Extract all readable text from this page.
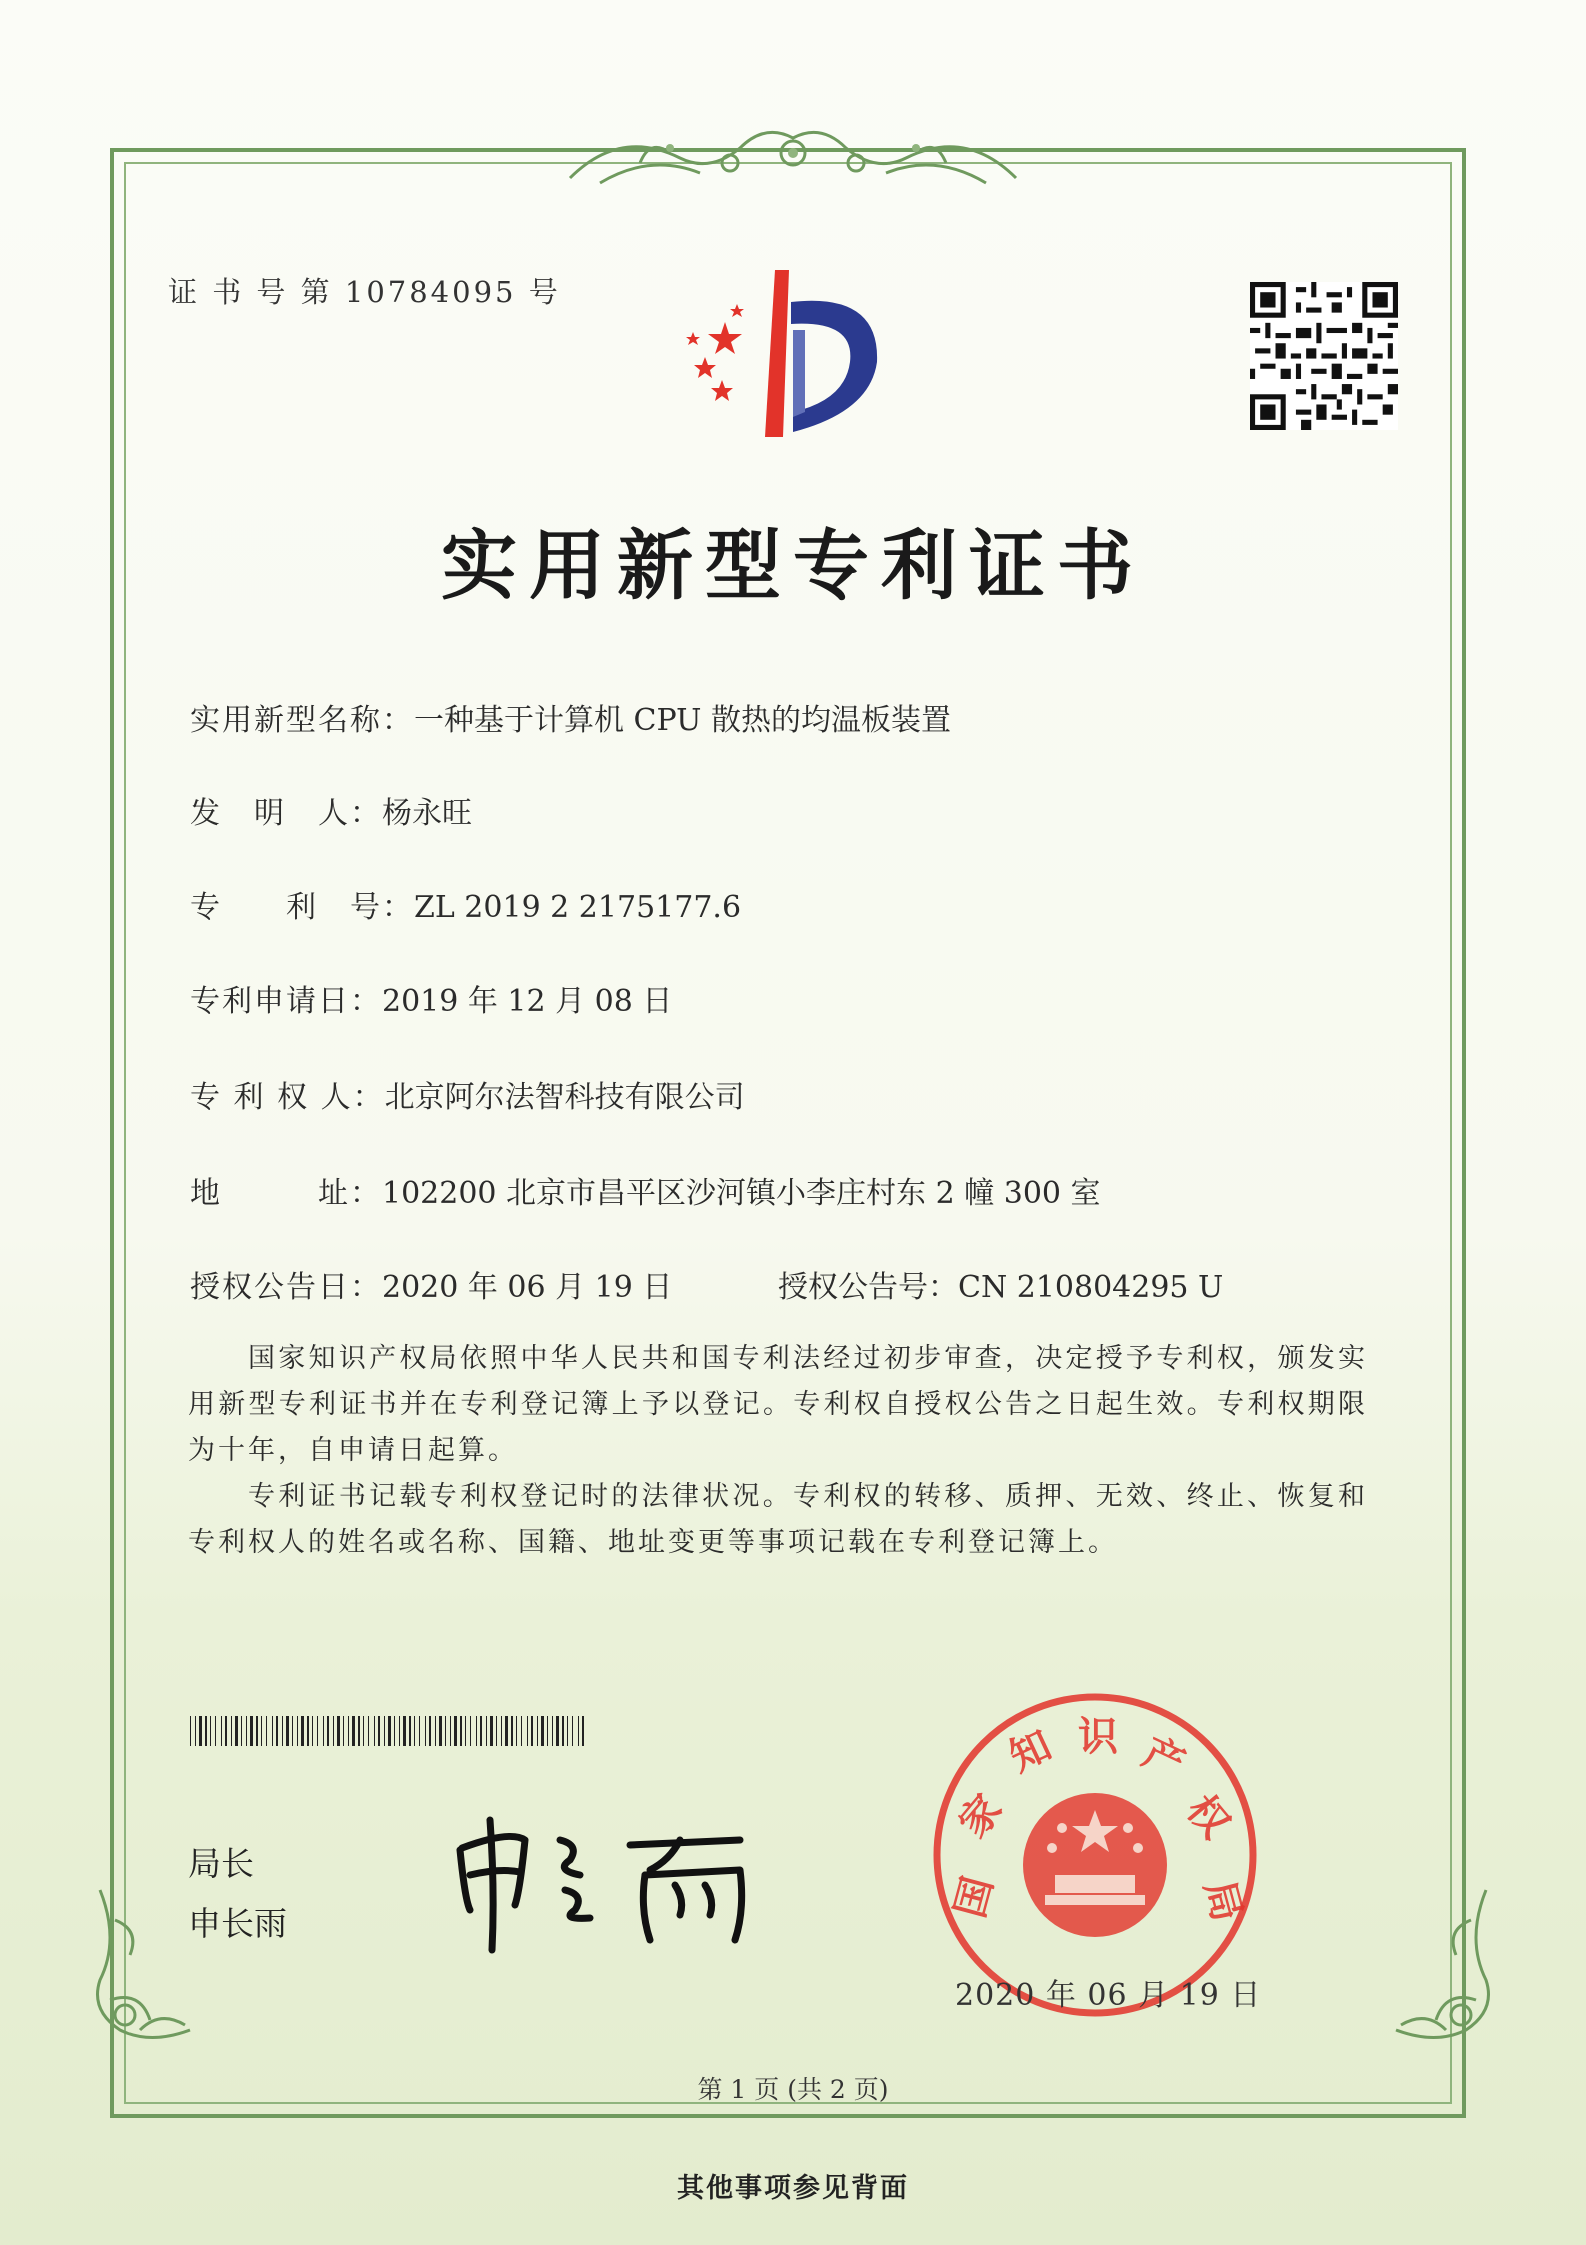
证 书 号 第 10784095 号
实用新型专利证书
实用新型名称：一种基于计算机 CPU 散热的均温板装置
发　明　人：杨永旺
专　　利　号：ZL 2019 2 2175177.6
专利申请日：2019 年 12 月 08 日
专 利 权 人：北京阿尔法智科技有限公司
地　　　址：102200 北京市昌平区沙河镇小李庄村东 2 幢 300 室
授权公告日：2020 年 06 月 19 日	授权公告号：CN 210804295 U
国家知识产权局依照中华人民共和国专利法经过初步审查，决定授予专利权，颁发实用新型专利证书并在专利登记簿上予以登记。专利权自授权公告之日起生效。专利权期限为十年，自申请日起算。
专利证书记载专利权登记时的法律状况。专利权的转移、质押、无效、终止、恢复和专利权人的姓名或名称、国籍、地址变更等事项记载在专利登记簿上。
局长
申长雨
国
家
知 识 产
权
局
2020 年 06 月 19 日
第 1 页 (共 2 页)
其他事项参见背面
